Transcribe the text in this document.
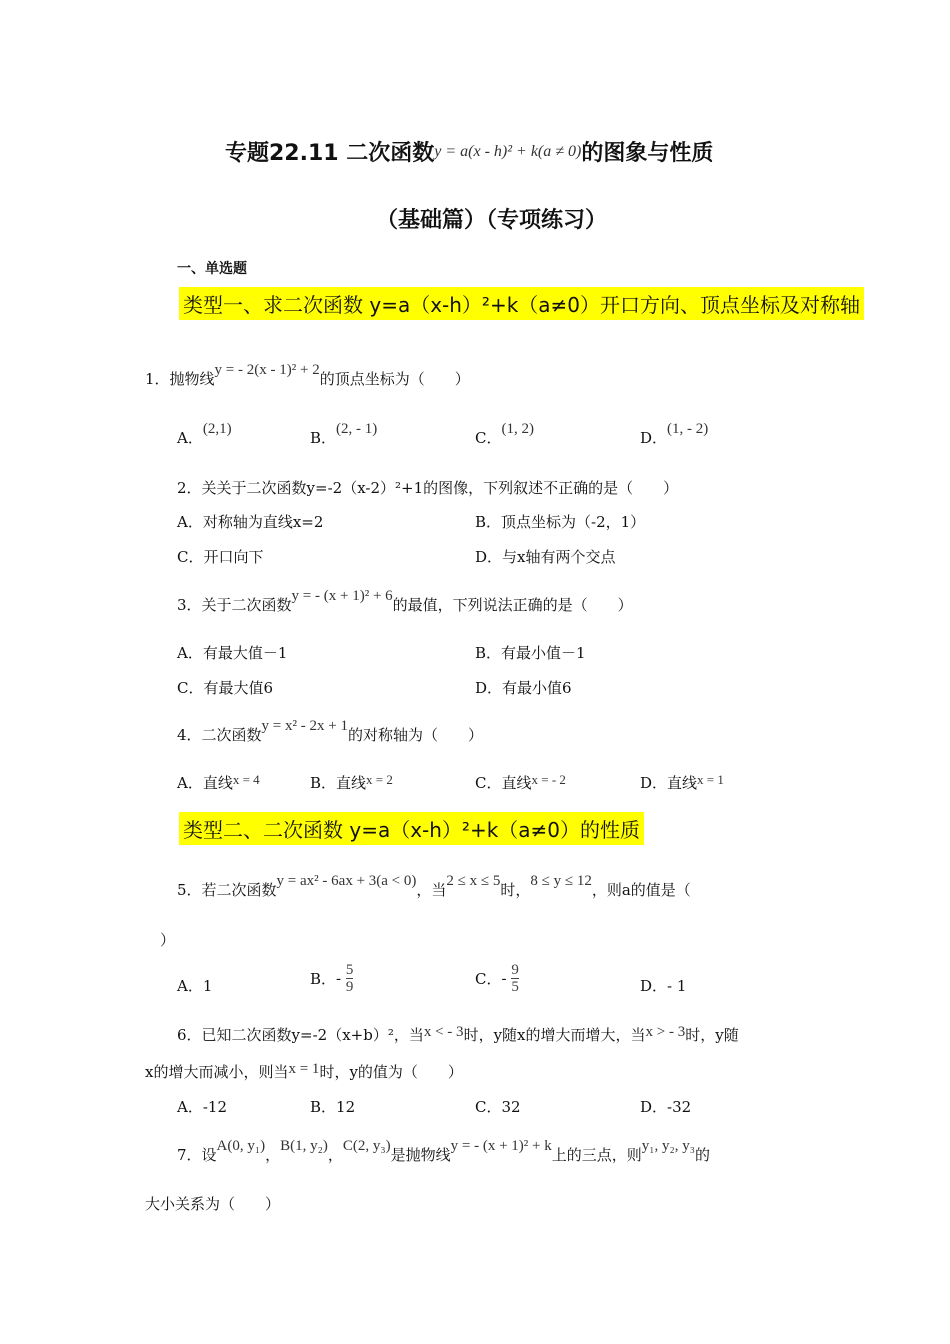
专题22.11 二次函数y = a(x - h)² + k(a ≠ 0)的图象与性质
（基础篇）（专项练习）
一、单选题
类型一、求二次函数 y=a（x-h）²+k（a≠0）开口方向、顶点坐标及对称轴
1．抛物线y = - 2(x - 1)² + 2的顶点坐标为（　　）
A．(2,1)	B．(2, - 1)	C．(1, 2)	D．(1, - 2)
2．关关于二次函数y=-2（x-2）²+1的图像，下列叙述不正确的是（　　）
A．对称轴为直线x=2	B．顶点坐标为（-2，1）
C．开口向下	D．与x轴有两个交点
3．关于二次函数y = - (x + 1)² + 6的最值，下列说法正确的是（　　）
A．有最大值－1	B．有最小值－1
C．有最大值6	D．有最小值6
4．二次函数y = x² - 2x + 1的对称轴为（　　）
A．直线x = 4	B．直线x = 2	C．直线x = - 2	D．直线x = 1
类型二、二次函数 y=a（x-h）²+k（a≠0）的性质
5．若二次函数y = ax² - 6ax + 3(a < 0)，当2 ≤ x ≤ 5时，8 ≤ y ≤ 12，则a的值是（
）
A．1	B．- $\frac{5}{9}$	C．- $\frac{9}{5}$	D．- 1
6．已知二次函数y=-2（x+b）²，当x < - 3时，y随x的增大而增大，当x > - 3时，y随
x的增大而减小，则当x = 1时，y的值为（　　）
A．-12	B．12	C．32	D．-32
7．设A(0, y₁)，B(1, y₂)，C(2, y₃)是抛物线y = - (x + 1)² + k上的三点，则y₁, y₂, y₃的
大小关系为（　　）
